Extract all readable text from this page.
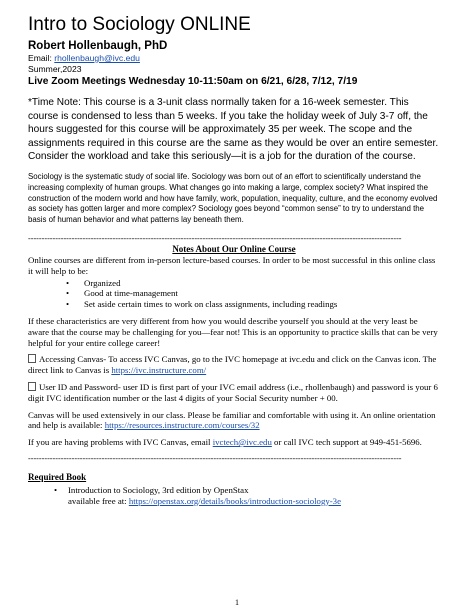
Intro to Sociology ONLINE

Robert Hollenbaugh, PhD

Email: rhollenbaugh@ivc.edu

Summer,2023

Live Zoom Meetings Wednesday 10-11:50am on 6/21, 6/28, 7/12, 7/19

*Time Note: This course is a 3-unit class normally taken for a 16-week semester. This course is condensed to less than 5 weeks. If you take the holiday week of July 3-7 off, the hours suggested for this course will be approximately 35 per week. The scope and the assignments required in this course are the same as they would be over an entire semester. Consider the workload and take this seriously—it is a job for the duration of the course.

Sociology is the systematic study of social life. Sociology was born out of an effort to scientifically understand the increasing complexity of human groups. What changes go into making a large, complex society? What inspired the construction of the modern world and how have family, work, population, inequality, culture, and the economy evolved as society has gotten larger and more complex? Sociology goes beyond “common sense” to try to understand the basis of human behavior and what patterns lay beneath them.

-----------------------------------------------------------------------------------------------------------------------------------------

Notes About Our Online Course

Online courses are different from in-person lecture-based courses. In order to be most successful in this online class it will help to be:

• Organized
• Good at time-management
• Set aside certain times to work on class assignments, including readings

If these characteristics are very different from how you would describe yourself you should at the very least be aware that the course may be challenging for you—fear not! This is an opportunity to practice skills that can be very helpful for your entire college career!

Accessing Canvas- To access IVC Canvas, go to the IVC homepage at ivc.edu and click on the Canvas icon. The direct link to Canvas is https://ivc.instructure.com/

User ID and Password- user ID is first part of your IVC email address (i.e., rhollenbaugh) and password is your 6 digit IVC identification number or the last 4 digits of your Social Security number + 00.

Canvas will be used extensively in our class. Please be familiar and comfortable with using it. An online orientation and help is available: https://resources.instructure.com/courses/32

If you are having problems with IVC Canvas, email ivctech@ivc.edu or call IVC tech support at 949-451-5696.

-----------------------------------------------------------------------------------------------------------------------------------------

Required Book

• Introduction to Sociology, 3rd edition by OpenStax
available free at: https://openstax.org/details/books/introduction-sociology-3e
1
